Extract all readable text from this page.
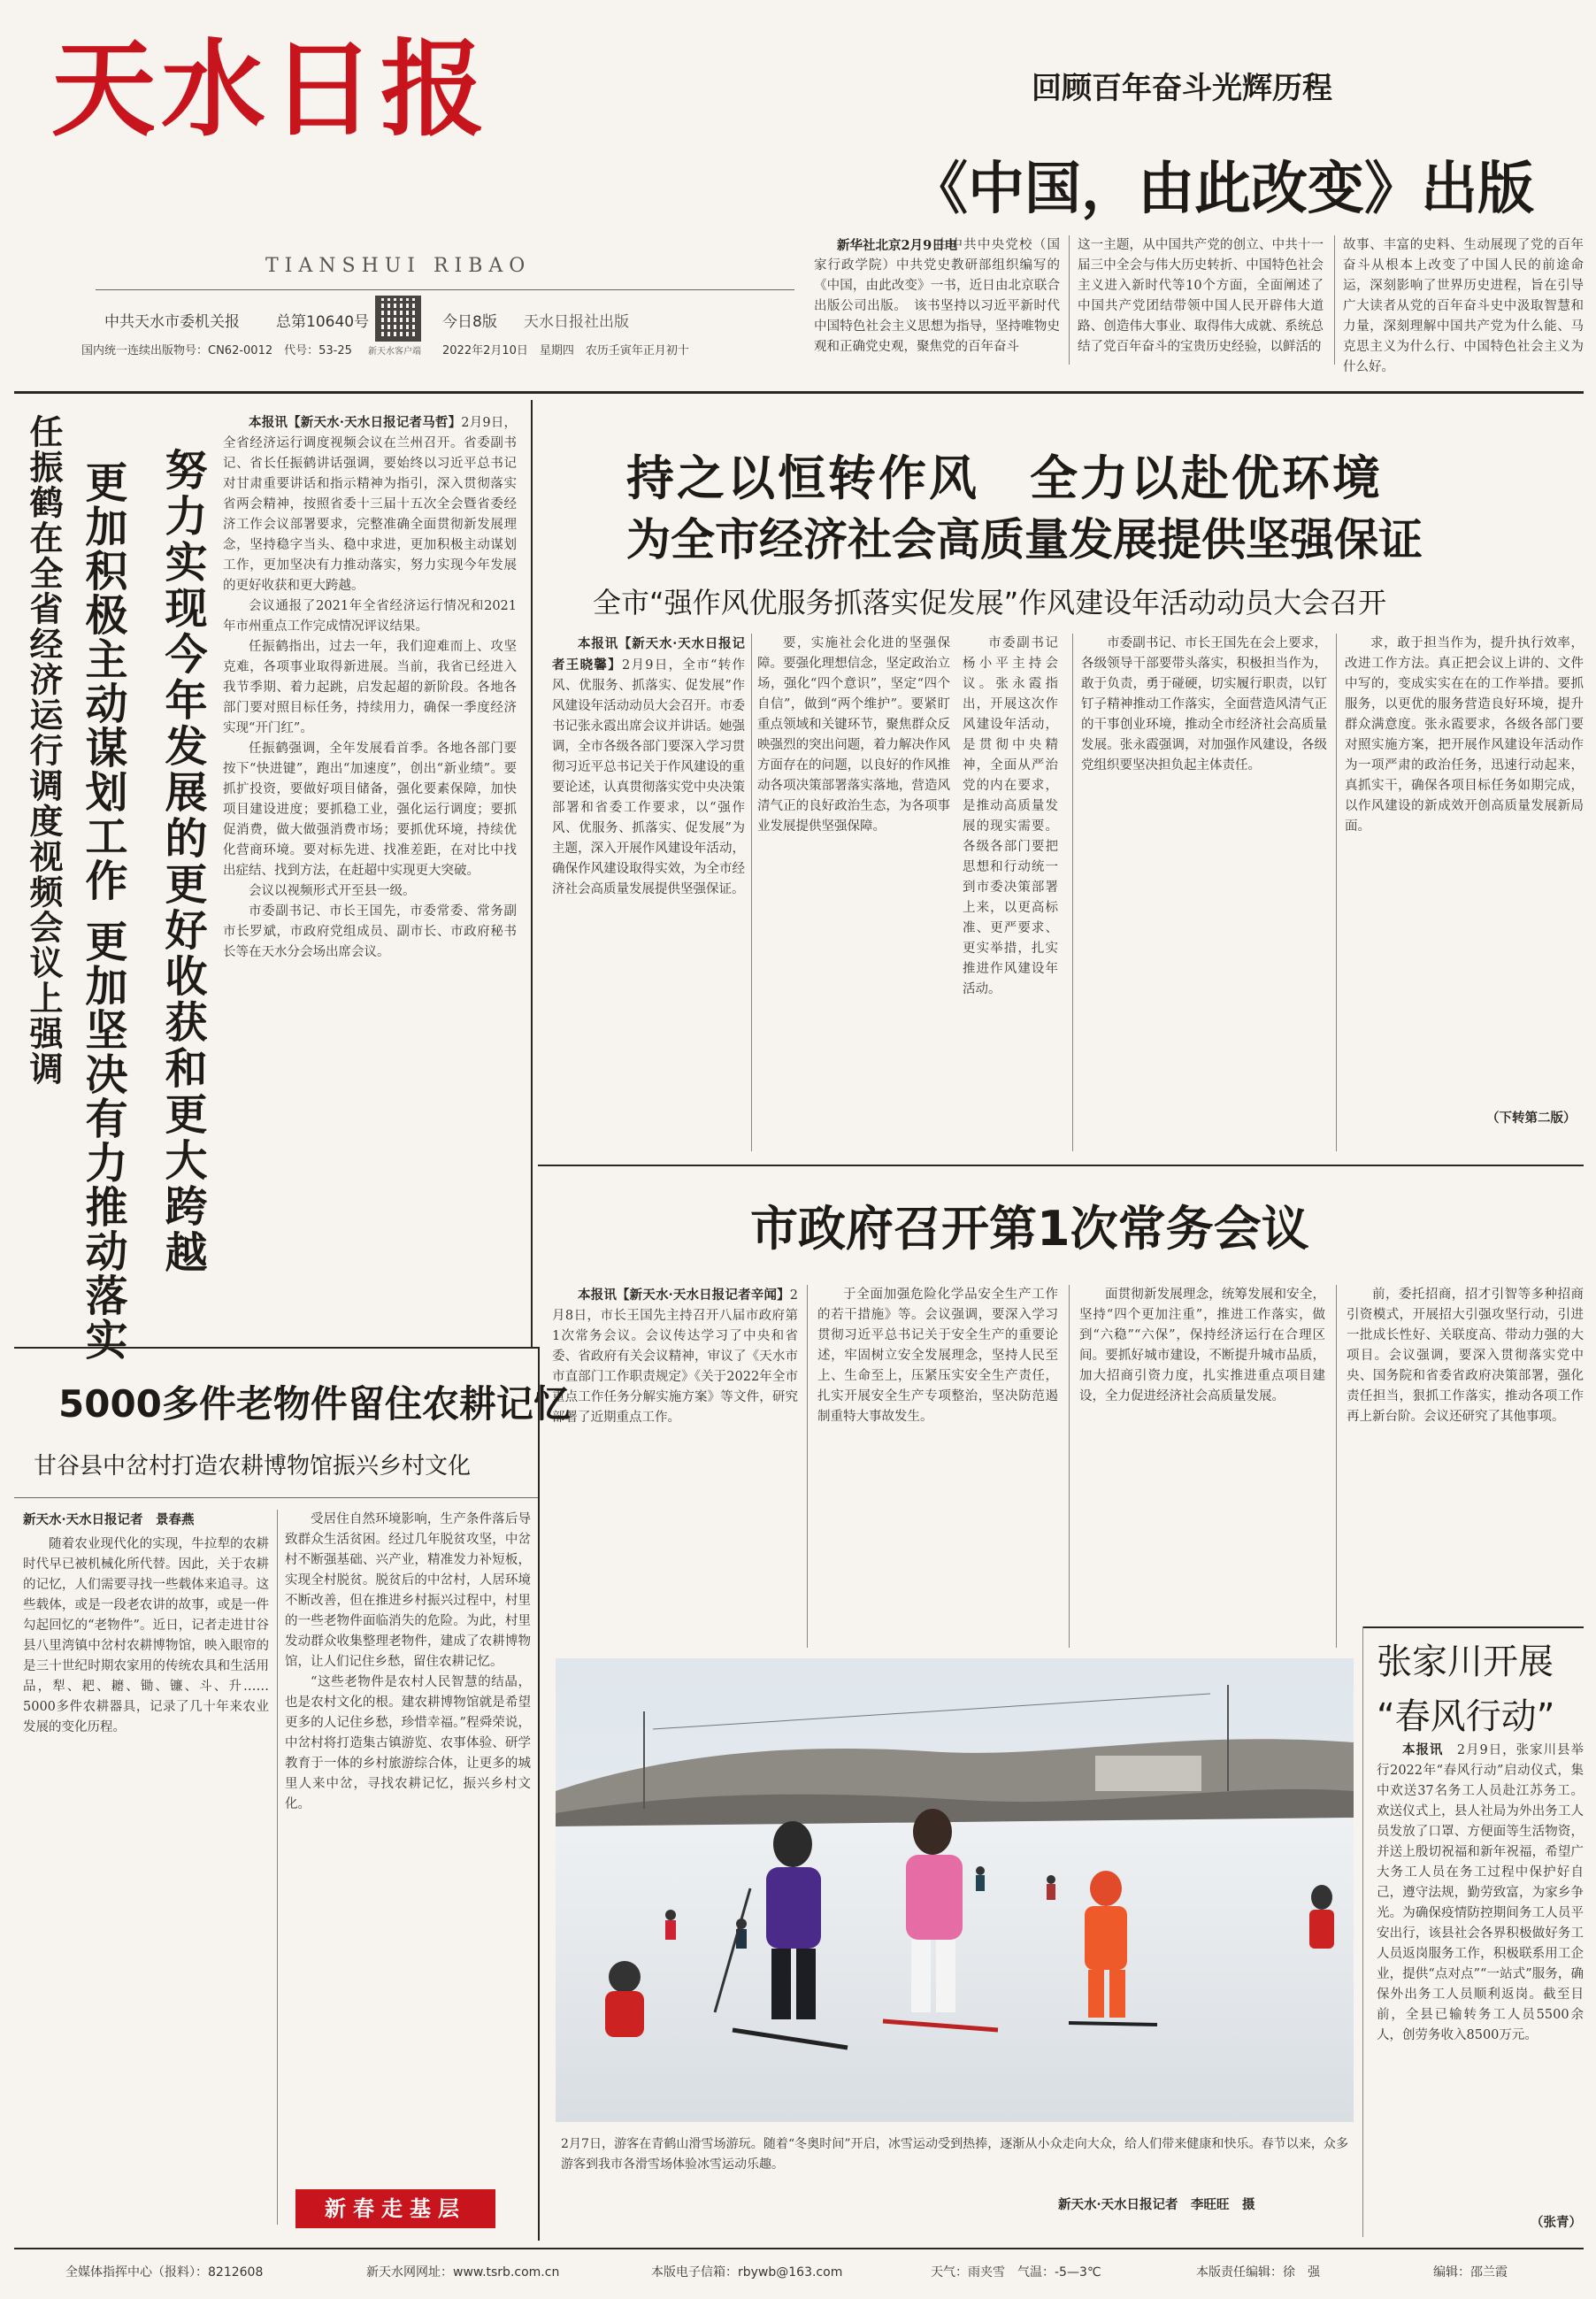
天水日报
TIANSHUI RIBAO
中共天水市委机关报 总第10640号
新天水客户端
今日8版 天水日报社出版
国内统一连续出版物号：CN62-0012　代号：53-25	2022年2月10日　星期四　农历壬寅年正月初十
回顾百年奋斗光辉历程
《中国，由此改变》出版
新华社北京2月9日电
由中共中央党校（国家行政学院）中共党史教研部组织编写的《中国，由此改变》一书，近日由北京联合出版公司出版。　该书坚持以习近平新时代中国特色社会主义思想为指导，坚持唯物史观和正确党史观，聚焦党的百年奋斗
这一主题，从中国共产党的创立、中共十一届三中全会与伟大历史转折、中国特色社会主义进入新时代等10个方面，全面阐述了中国共产党团结带领中国人民开辟伟大道路、创造伟大事业、取得伟大成就、系统总结了党百年奋斗的宝贵历史经验，以鲜活的
故事、丰富的史料、生动展现了党的百年奋斗从根本上改变了中国人民的前途命运，深刻影响了世界历史进程，旨在引导广大读者从党的百年奋斗史中汲取智慧和力量，深刻理解中国共产党为什么能、马克思主义为什么行、中国特色社会主义为什么好。
任振鹤在全省经济运行调度视频会议上强调 努力实现今年发展的更好收获和更大跨越
更加积极主动谋划工作 更加坚决有力推动落实

本报讯【新天水·天水日报记者马哲】2月9日，全省经济运行调度视频会议在兰州召开。省委副书记、省长任振鹤讲话强调，要始终以习近平总书记对甘肃重要讲话和指示精神为指引，深入贯彻落实省两会精神，按照省委十三届十五次全会暨省委经济工作会议部署要求，完整准确全面贯彻新发展理念，坚持稳字当头、稳中求进，更加积极主动谋划工作，更加坚决有力推动落实，努力实现今年发展的更好收获和更大跨越。

会议通报了2021年全省经济运行情况和2021年市州重点工作完成情况评议结果。

任振鹤指出，过去一年，我们迎难而上、攻坚克难，各项事业取得新进展。当前，我省已经进入我节季期、着力起跳，启发起超的新阶段。各地各部门要对照目标任务，持续用力，确保一季度经济实现“开门红”。

任振鹤强调，全年发展看首季。各地各部门要按下“快进键”，跑出“加速度”，创出“新业绩”。要抓扩投资，要做好项目储备，强化要素保障，加快项目建设进度；要抓稳工业，强化运行调度；要抓促消费，做大做强消费市场；要抓优环境，持续优化营商环境。要对标先进、找准差距，在对比中找出症结、找到方法，在赶超中实现更大突破。

会议以视频形式开至县一级。

市委副书记、市长王国先，市委常委、常务副市长罗斌，市政府党组成员、副市长、市政府秘书长等在天水分会场出席会议。

持之以恒转作风　全力以赴优环境
为全市经济社会高质量发展提供坚强保证
全市“强作风优服务抓落实促发展”作风建设年活动动员大会召开

本报讯【新天水·天水日报记者王晓馨】2月9日，全市“转作风、优服务、抓落实、促发展”作风建设年活动动员大会召开。市委书记张永霞出席会议并讲话。她强调，全市各级各部门要深入学习贯彻习近平总书记关于作风建设的重要论述，认真贯彻落实党中央决策部署和省委工作要求，以“强作风、优服务、抓落实、促发展”为主题，深入开展作风建设年活动，确保作风建设取得实效，为全市经济社会高质量发展提供坚强保证。

要，实施社会化进的坚强保障。要强化理想信念，坚定政治立场，强化“四个意识”，坚定“四个自信”，做到“两个维护”。要紧盯重点领域和关键环节，聚焦群众反映强烈的突出问题，着力解决作风方面存在的问题，以良好的作风推动各项决策部署落实落地，营造风清气正的良好政治生态，为各项事业发展提供坚强保障。

市委副书记杨小平主持会议。张永霞指出，开展这次作风建设年活动，是贯彻中央精神，全面从严治党的内在要求，是推动高质量发展的现实需要。各级各部门要把思想和行动统一到市委决策部署上来，以更高标准、更严要求、更实举措，扎实推进作风建设年活动。

市委副书记、市长王国先在会上要求，各级领导干部要带头落实，积极担当作为，敢于负责，勇于碰硬，切实履行职责，以钉钉子精神推动工作落实，全面营造风清气正的干事创业环境，推动全市经济社会高质量发展。张永霞强调，对加强作风建设，各级党组织要坚决担负起主体责任。

求，敢于担当作为，提升执行效率，改进工作方法。真正把会议上讲的、文件中写的，变成实实在在的工作举措。要抓服务，以更优的服务营造良好环境，提升群众满意度。张永霞要求，各级各部门要对照实施方案，把开展作风建设年活动作为一项严肃的政治任务，迅速行动起来，真抓实干，确保各项目标任务如期完成，以作风建设的新成效开创高质量发展新局面。

（下转第二版）
市政府召开第1次常务会议

本报讯【新天水·天水日报记者辛闻】2月8日，市长王国先主持召开八届市政府第1次常务会议。会议传达学习了中央和省委、省政府有关会议精神，审议了《天水市市直部门工作职责规定》《关于2022年全市重点工作任务分解实施方案》等文件，研究部署了近期重点工作。

于全面加强危险化学品安全生产工作的若干措施》等。会议强调，要深入学习贯彻习近平总书记关于安全生产的重要论述，牢固树立安全发展理念，坚持人民至上、生命至上，压紧压实安全生产责任，扎实开展安全生产专项整治，坚决防范遏制重特大事故发生。

面贯彻新发展理念，统筹发展和安全，坚持“四个更加注重”，推进工作落实，做到“六稳”“六保”，保持经济运行在合理区间。要抓好城市建设，不断提升城市品质，加大招商引资力度，扎实推进重点项目建设，全力促进经济社会高质量发展。

前，委托招商，招才引智等多种招商引资模式，开展招大引强攻坚行动，引进一批成长性好、关联度高、带动力强的大项目。会议强调，要深入贯彻落实党中央、国务院和省委省政府决策部署，强化责任担当，狠抓工作落实，推动各项工作再上新台阶。会议还研究了其他事项。

5000多件老物件留住农耕记忆
甘谷县中岔村打造农耕博物馆振兴乡村文化
新天水·天水日报记者　景春燕

随着农业现代化的实现，牛拉犁的农耕时代早已被机械化所代替。因此，关于农耕的记忆，人们需要寻找一些载体来追寻。这些载体，或是一段老农讲的故事，或是一件勾起回忆的“老物件”。近日，记者走进甘谷县八里湾镇中岔村农耕博物馆，映入眼帘的是三十世纪时期农家用的传统农具和生活用品，犁、耙、耱、锄、镰、斗、升……5000多件农耕器具，记录了几十年来农业发展的变化历程。

受居住自然环境影响，生产条件落后导致群众生活贫困。经过几年脱贫攻坚，中岔村不断强基础、兴产业，精准发力补短板，实现全村脱贫。脱贫后的中岔村，人居环境不断改善，但在推进乡村振兴过程中，村里的一些老物件面临消失的危险。为此，村里发动群众收集整理老物件，建成了农耕博物馆，让人们记住乡愁，留住农耕记忆。

“这些老物件是农村人民智慧的结晶，也是农村文化的根。建农耕博物馆就是希望更多的人记住乡愁，珍惜幸福。”程舜荣说，中岔村将打造集古镇游览、农事体验、研学教育于一体的乡村旅游综合体，让更多的城里人来中岔，寻找农耕记忆，振兴乡村文化。

新春走基层
2月7日，游客在青鹤山滑雪场游玩。随着“冬奥时间”开启，冰雪运动受到热捧，逐渐从小众走向大众，给人们带来健康和快乐。春节以来，众多游客到我市各滑雪场体验冰雪运动乐趣。
新天水·天水日报记者　李旺旺　摄
张家川开展
“春风行动”

本报讯　 2月9日，张家川县举行2022年“春风行动”启动仪式，集中欢送37名务工人员赴江苏务工。欢送仪式上，县人社局为外出务工人员发放了口罩、方便面等生活物资，并送上殷切祝福和新年祝福，希望广大务工人员在务工过程中保护好自己，遵守法规，勤劳致富，为家乡争光。为确保疫情防控期间务工人员平安出行，该县社会各界积极做好务工人员返岗服务工作，积极联系用工企业，提供“点对点”“一站式”服务，确保外出务工人员顺利返岗。截至目前，全县已输转务工人员5500余人，创劳务收入8500万元。

（张青）
全媒体指挥中心（报料）：8212608	新天水网网址：www.tsrb.com.cn	本版电子信箱：rbywb@163.com	天气：雨夹雪　气温：-5—3℃	本版责任编辑：徐　强	编辑：邵兰霞
